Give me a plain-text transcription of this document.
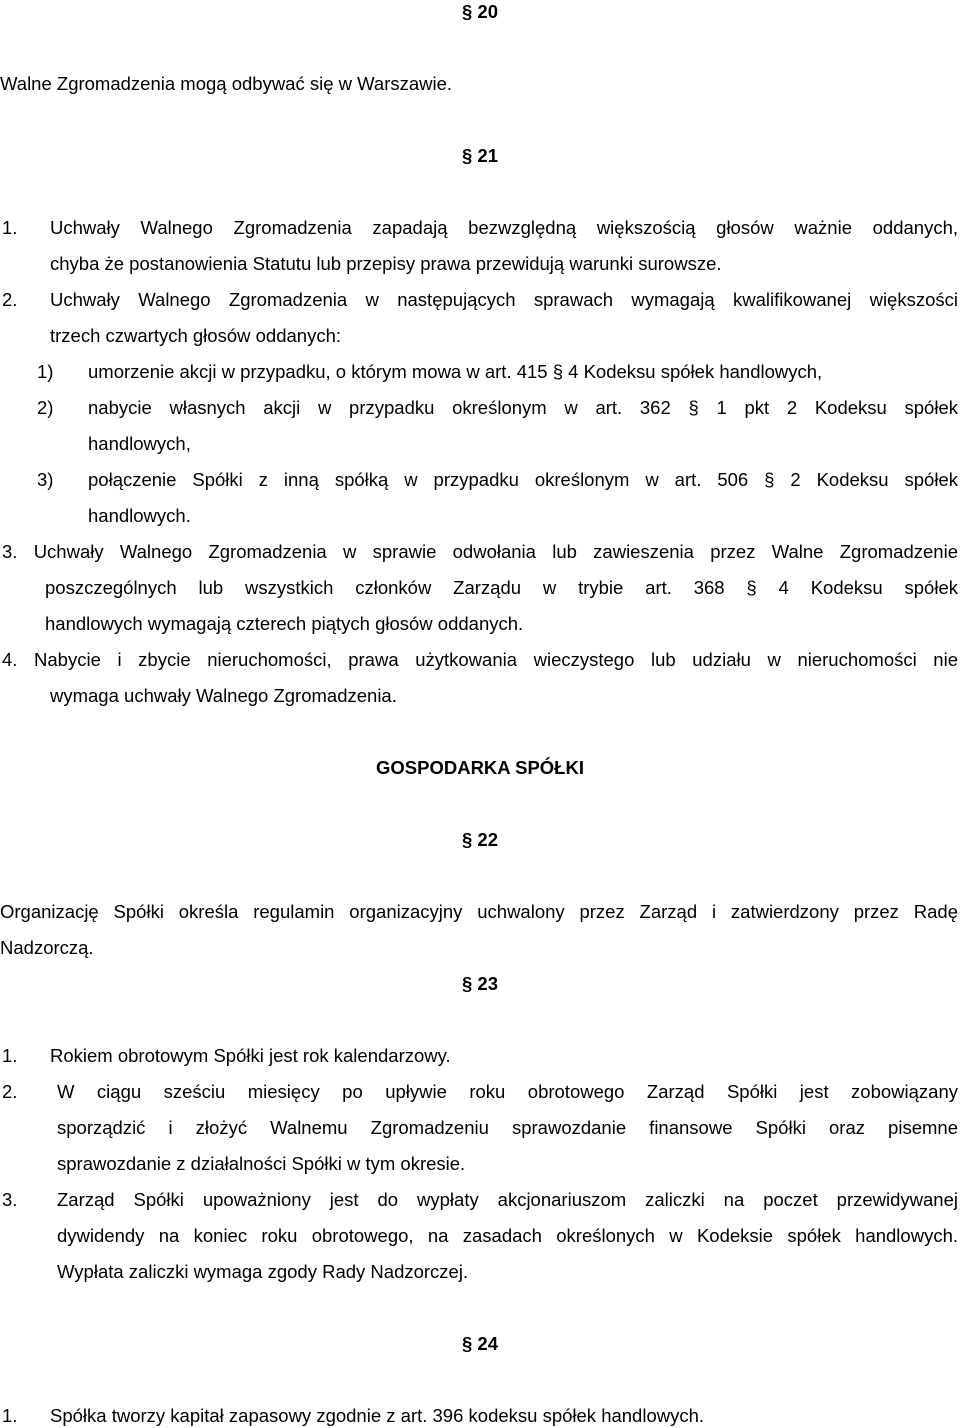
§ 20
Walne Zgromadzenia mogą odbywać się w Warszawie.
§ 21
1. Uchwały Walnego Zgromadzenia zapadają bezwzględną większością głosów ważnie oddanych,
chyba że postanowienia Statutu lub przepisy prawa przewidują warunki surowsze.
2. Uchwały Walnego Zgromadzenia w następujących sprawach wymagają kwalifikowanej większości
trzech czwartych głosów oddanych:
1) umorzenie akcji w przypadku, o którym mowa w art. 415 § 4 Kodeksu spółek handlowych,
2) nabycie własnych akcji w przypadku określonym w art. 362 § 1 pkt 2 Kodeksu spółek
handlowych,
3) połączenie Spółki z inną spółką w przypadku określonym w art. 506 § 2 Kodeksu spółek
handlowych.
3. Uchwały Walnego Zgromadzenia w sprawie odwołania lub zawieszenia przez Walne Zgromadzenie
poszczególnych lub wszystkich członków Zarządu w trybie art. 368 § 4 Kodeksu spółek
handlowych wymagają czterech piątych głosów oddanych.
4. Nabycie i zbycie nieruchomości, prawa użytkowania wieczystego lub udziału w nieruchomości nie
wymaga uchwały Walnego Zgromadzenia.
GOSPODARKA SPÓŁKI
§ 22
Organizację Spółki określa regulamin organizacyjny uchwalony przez Zarząd i zatwierdzony przez Radę
Nadzorczą.
§ 23
1. Rokiem obrotowym Spółki jest rok kalendarzowy.
2. W ciągu sześciu miesięcy po upływie roku obrotowego Zarząd Spółki jest zobowiązany
sporządzić i złożyć Walnemu Zgromadzeniu sprawozdanie finansowe Spółki oraz pisemne
sprawozdanie z działalności Spółki w tym okresie.
3. Zarząd Spółki upoważniony jest do wypłaty akcjonariuszom zaliczki na poczet przewidywanej
dywidendy na koniec roku obrotowego, na zasadach określonych w Kodeksie spółek handlowych.
Wypłata zaliczki wymaga zgody Rady Nadzorczej.
§ 24
1. Spółka tworzy kapitał zapasowy zgodnie z art. 396 kodeksu spółek handlowych.
